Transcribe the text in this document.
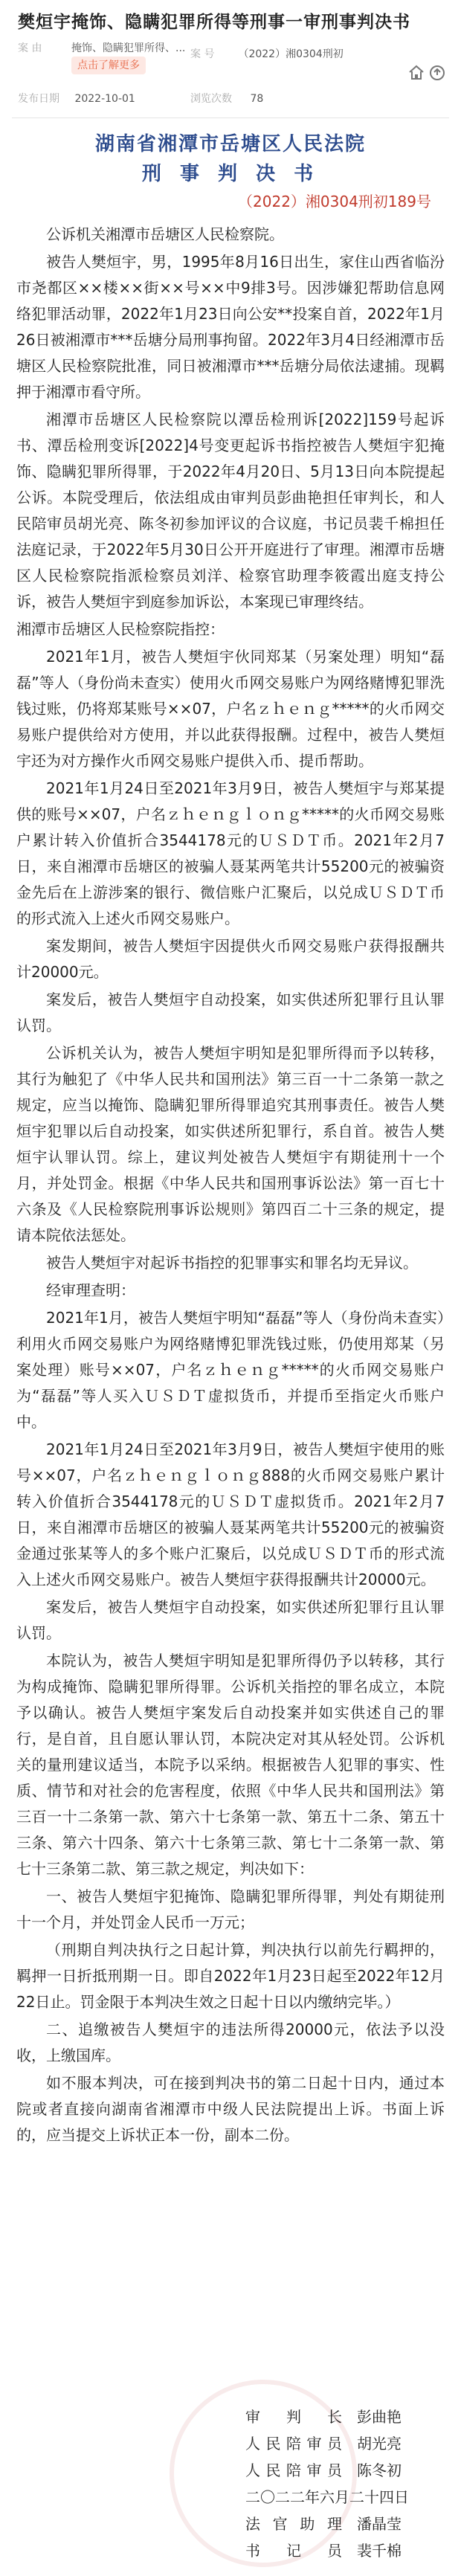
樊烜宇掩饰、隐瞒犯罪所得等刑事一审刑事判决书
案 由	掩饰、隐瞒犯罪所得、...
点击了解更多
案 号 （2022）湘0304刑初
发布日期 2022-10-01	浏览次数 78
湖南省湘潭市岳塘区人民法院
刑 事 判 决 书
（2022）湘0304刑初189号

公诉机关湘潭市岳塘区人民检察院。

被告人樊烜宇，男，1995年8月16日出生，家住山西省临汾市尧都区××楼××街××号××中9排3号。因涉嫌犯帮助信息网络犯罪活动罪，2022年1月23日向公安**投案自首，2022年1月26日被湘潭市***岳塘分局刑事拘留。2022年3月4日经湘潭市岳塘区人民检察院批准，同日被湘潭市***岳塘分局依法逮捕。现羁押于湘潭市看守所。

湘潭市岳塘区人民检察院以潭岳检刑诉[2022]159号起诉书、潭岳检刑变诉[2022]4号变更起诉书指控被告人樊烜宇犯掩饰、隐瞒犯罪所得罪，于2022年4月20日、5月13日向本院提起公诉。本院受理后，依法组成由审判员彭曲艳担任审判长，和人民陪审员胡光亮、陈冬初参加评议的合议庭，书记员裴千棉担任法庭记录，于2022年5月30日公开开庭进行了审理。湘潭市岳塘区人民检察院指派检察员刘洋、检察官助理李筱霞出庭支持公诉，被告人樊烜宇到庭参加诉讼，本案现已审理终结。

湘潭市岳塘区人民检察院指控：

2021年1月，被告人樊烜宇伙同郑某（另案处理）明知“磊磊”等人（身份尚未查实）使用火币网交易账户为网络赌博犯罪洗钱过账，仍将郑某账号××07，户名ｚｈｅｎｇ*****的火币网交易账户提供给对方使用，并以此获得报酬。过程中，被告人樊烜宇还为对方操作火币网交易账户提供入币、提币帮助。

2021年1月24日至2021年3月9日，被告人樊烜宇与郑某提供的账号××07，户名ｚｈｅｎｇｌｏｎｇ*****的火币网交易账户累计转入价值折合3544178元的ＵＳＤＴ币。2021年2月7日，来自湘潭市岳塘区的被骗人聂某两笔共计55200元的被骗资金先后在上游涉案的银行、微信账户汇聚后，以兑成ＵＳＤＴ币的形式流入上述火币网交易账户。

案发期间，被告人樊烜宇因提供火币网交易账户获得报酬共计20000元。

案发后，被告人樊烜宇自动投案，如实供述所犯罪行且认罪认罚。

公诉机关认为，被告人樊烜宇明知是犯罪所得而予以转移，其行为触犯了《中华人民共和国刑法》第三百一十二条第一款之规定，应当以掩饰、隐瞒犯罪所得罪追究其刑事责任。被告人樊烜宇犯罪以后自动投案，如实供述所犯罪行，系自首。被告人樊烜宇认罪认罚。综上，建议判处被告人樊烜宇有期徒刑十一个月，并处罚金。根据《中华人民共和国刑事诉讼法》第一百七十六条及《人民检察院刑事诉讼规则》第四百二十三条的规定，提请本院依法惩处。

被告人樊烜宇对起诉书指控的犯罪事实和罪名均无异议。

经审理查明：

2021年1月，被告人樊烜宇明知“磊磊”等人（身份尚未查实）利用火币网交易账户为网络赌博犯罪洗钱过账，仍使用郑某（另案处理）账号××07，户名ｚｈｅｎｇ*****的火币网交易账户为“磊磊”等人买入ＵＳＤＴ虚拟货币，并提币至指定火币账户中。

2021年1月24日至2021年3月9日，被告人樊烜宇使用的账号××07，户名ｚｈｅｎｇｌｏｎｇ888的火币网交易账户累计转入价值折合3544178元的ＵＳＤＴ虚拟货币。2021年2月7日，来自湘潭市岳塘区的被骗人聂某两笔共计55200元的被骗资金通过张某等人的多个账户汇聚后，以兑成ＵＳＤＴ币的形式流入上述火币网交易账户。被告人樊烜宇获得报酬共计20000元。

案发后，被告人樊烜宇自动投案，如实供述所犯罪行且认罪认罚。

本院认为，被告人樊烜宇明知是犯罪所得仍予以转移，其行为构成掩饰、隐瞒犯罪所得罪。公诉机关指控的罪名成立，本院予以确认。被告人樊烜宇案发后自动投案并如实供述自己的罪行，是自首，且自愿认罪认罚，本院决定对其从轻处罚。公诉机关的量刑建议适当，本院予以采纳。根据被告人犯罪的事实、性质、情节和对社会的危害程度，依照《中华人民共和国刑法》第三百一十二条第一款、第六十七条第一款、第五十二条、第五十三条、第六十四条、第六十七条第三款、第七十二条第一款、第七十三条第二款、第三款之规定，判决如下：

一、被告人樊烜宇犯掩饰、隐瞒犯罪所得罪，判处有期徒刑十一个月，并处罚金人民币一万元；

（刑期自判决执行之日起计算，判决执行以前先行羁押的，羁押一日折抵刑期一日。即自2022年1月23日起至2022年12月22日止。罚金限于本判决生效之日起十日以内缴纳完毕。）

二、追缴被告人樊烜宇的违法所得20000元，依法予以没收，上缴国库。

如不服本判决，可在接到判决书的第二日起十日内，通过本院或者直接向湖南省湘潭市中级人民法院提出上诉。书面上诉的，应当提交上诉状正本一份，副本二份。

审判长 彭曲艳
人民陪审员 胡光亮
人民陪审员 陈冬初
二〇二二年六月二十四日
法官助理 潘晶莹
书记员 裴千棉
